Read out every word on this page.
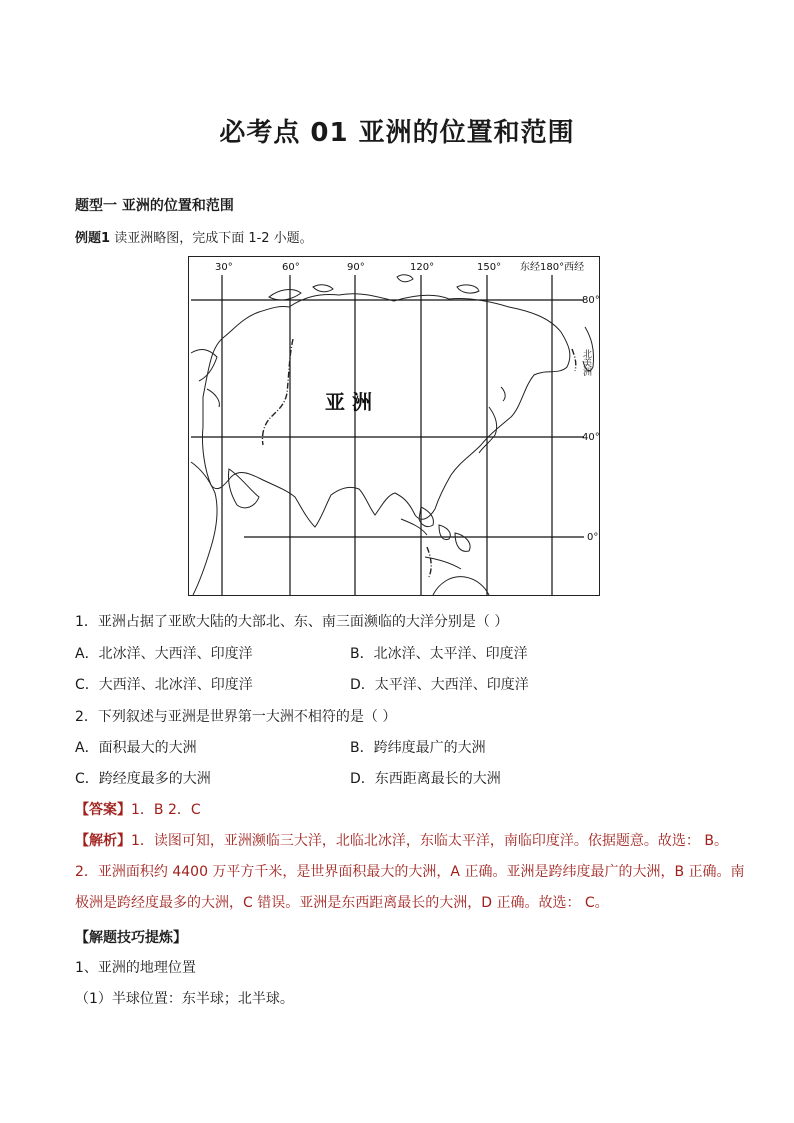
必考点 01 亚洲的位置和范围
题型一 亚洲的位置和范围
例题1 读亚洲略图，完成下面 1-2 小题。
30°	60°	90°	120°	150° 东经180°西经
80°
40°
0°
亚 洲
北美洲
1．亚洲占据了亚欧大陆的大部北、东、南三面濒临的大洋分别是（ ）
A．北冰洋、大西洋、印度洋	B．北冰洋、太平洋、印度洋
C．大西洋、北冰洋、印度洋	D．太平洋、大西洋、印度洋
2．下列叙述与亚洲是世界第一大洲不相符的是（ ）
A．面积最大的大洲	B．跨纬度最广的大洲
C．跨经度最多的大洲	D．东西距离最长的大洲
【答案】1．B 2．C
【解析】1．读图可知，亚洲濒临三大洋，北临北冰洋，东临太平洋，南临印度洋。依据题意。故选： B。
2．亚洲面积约 4400 万平方千米，是世界面积最大的大洲，A 正确。亚洲是跨纬度最广的大洲，B 正确。南
极洲是跨经度最多的大洲，C 错误。亚洲是东西距离最长的大洲，D 正确。故选： C。
【解题技巧提炼】
1、亚洲的地理位置
（1）半球位置：东半球；北半球。
